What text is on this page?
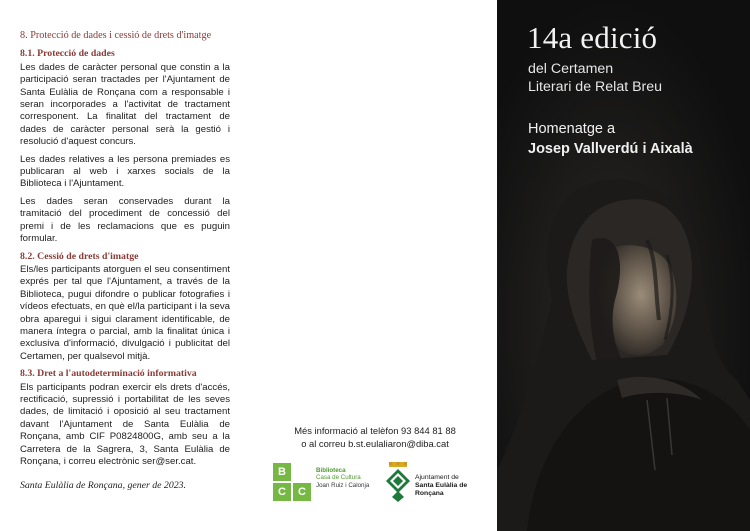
8. Protecció de dades i cessió de drets d'imatge
8.1. Protecció de dades

Les dades de caràcter personal que constin a la participació seran tractades per l'Ajuntament de Santa Eulàlia de Ronçana com a responsable i seran incorporades a l'activitat de tractament corresponent. La finalitat del tractament de dades de caràcter personal serà la gestió i resolució d'aquest concurs.

Les dades relatives a les persona premiades es publicaran al web i xarxes socials de la Biblioteca i l'Ajuntament.

Les dades seran conservades durant la tramitació del procediment de concessió del premi i de les reclamacions que es puguin formular.

8.2. Cessió de drets d'imatge

Els/les participants atorguen el seu consentiment exprés per tal que l'Ajuntament, a través de la Biblioteca, pugui difondre o publicar fotografies i vídeos efectuats, en què el/la participant i la seva obra aparegui i sigui clarament identificable, de manera íntegra o parcial, amb la finalitat única i exclusiva d'informació, divulgació i publicitat del Certamen, per qualsevol mitjà.

8.3. Dret a l'autodeterminació informativa

Els participants podran exercir els drets d'accés, rectificació, supressió i portabilitat de les seves dades, de limitació i oposició al seu tractament davant l'Ajuntament de Santa Eulàlia de Ronçana, amb CIF P0824800G, amb seu a la Carretera de la Sagrera, 3, Santa Eulàlia de Ronçana, i correu electrònic ser@ser.cat.

Santa Eulàlia de Ronçana, gener de 2023.
Més informació al telèfon 93 844 81 88
o al correu b.st.eulaliaron@diba.cat
B
C	C
Biblioteca
Casa de Cultura
Joan Ruiz i Calonja
Ajuntament de
Santa Eulàlia de
Ronçana
14a edició
del Certamen
Literari de Relat Breu
Homenatge a
Josep Vallverdú i Aixalà
